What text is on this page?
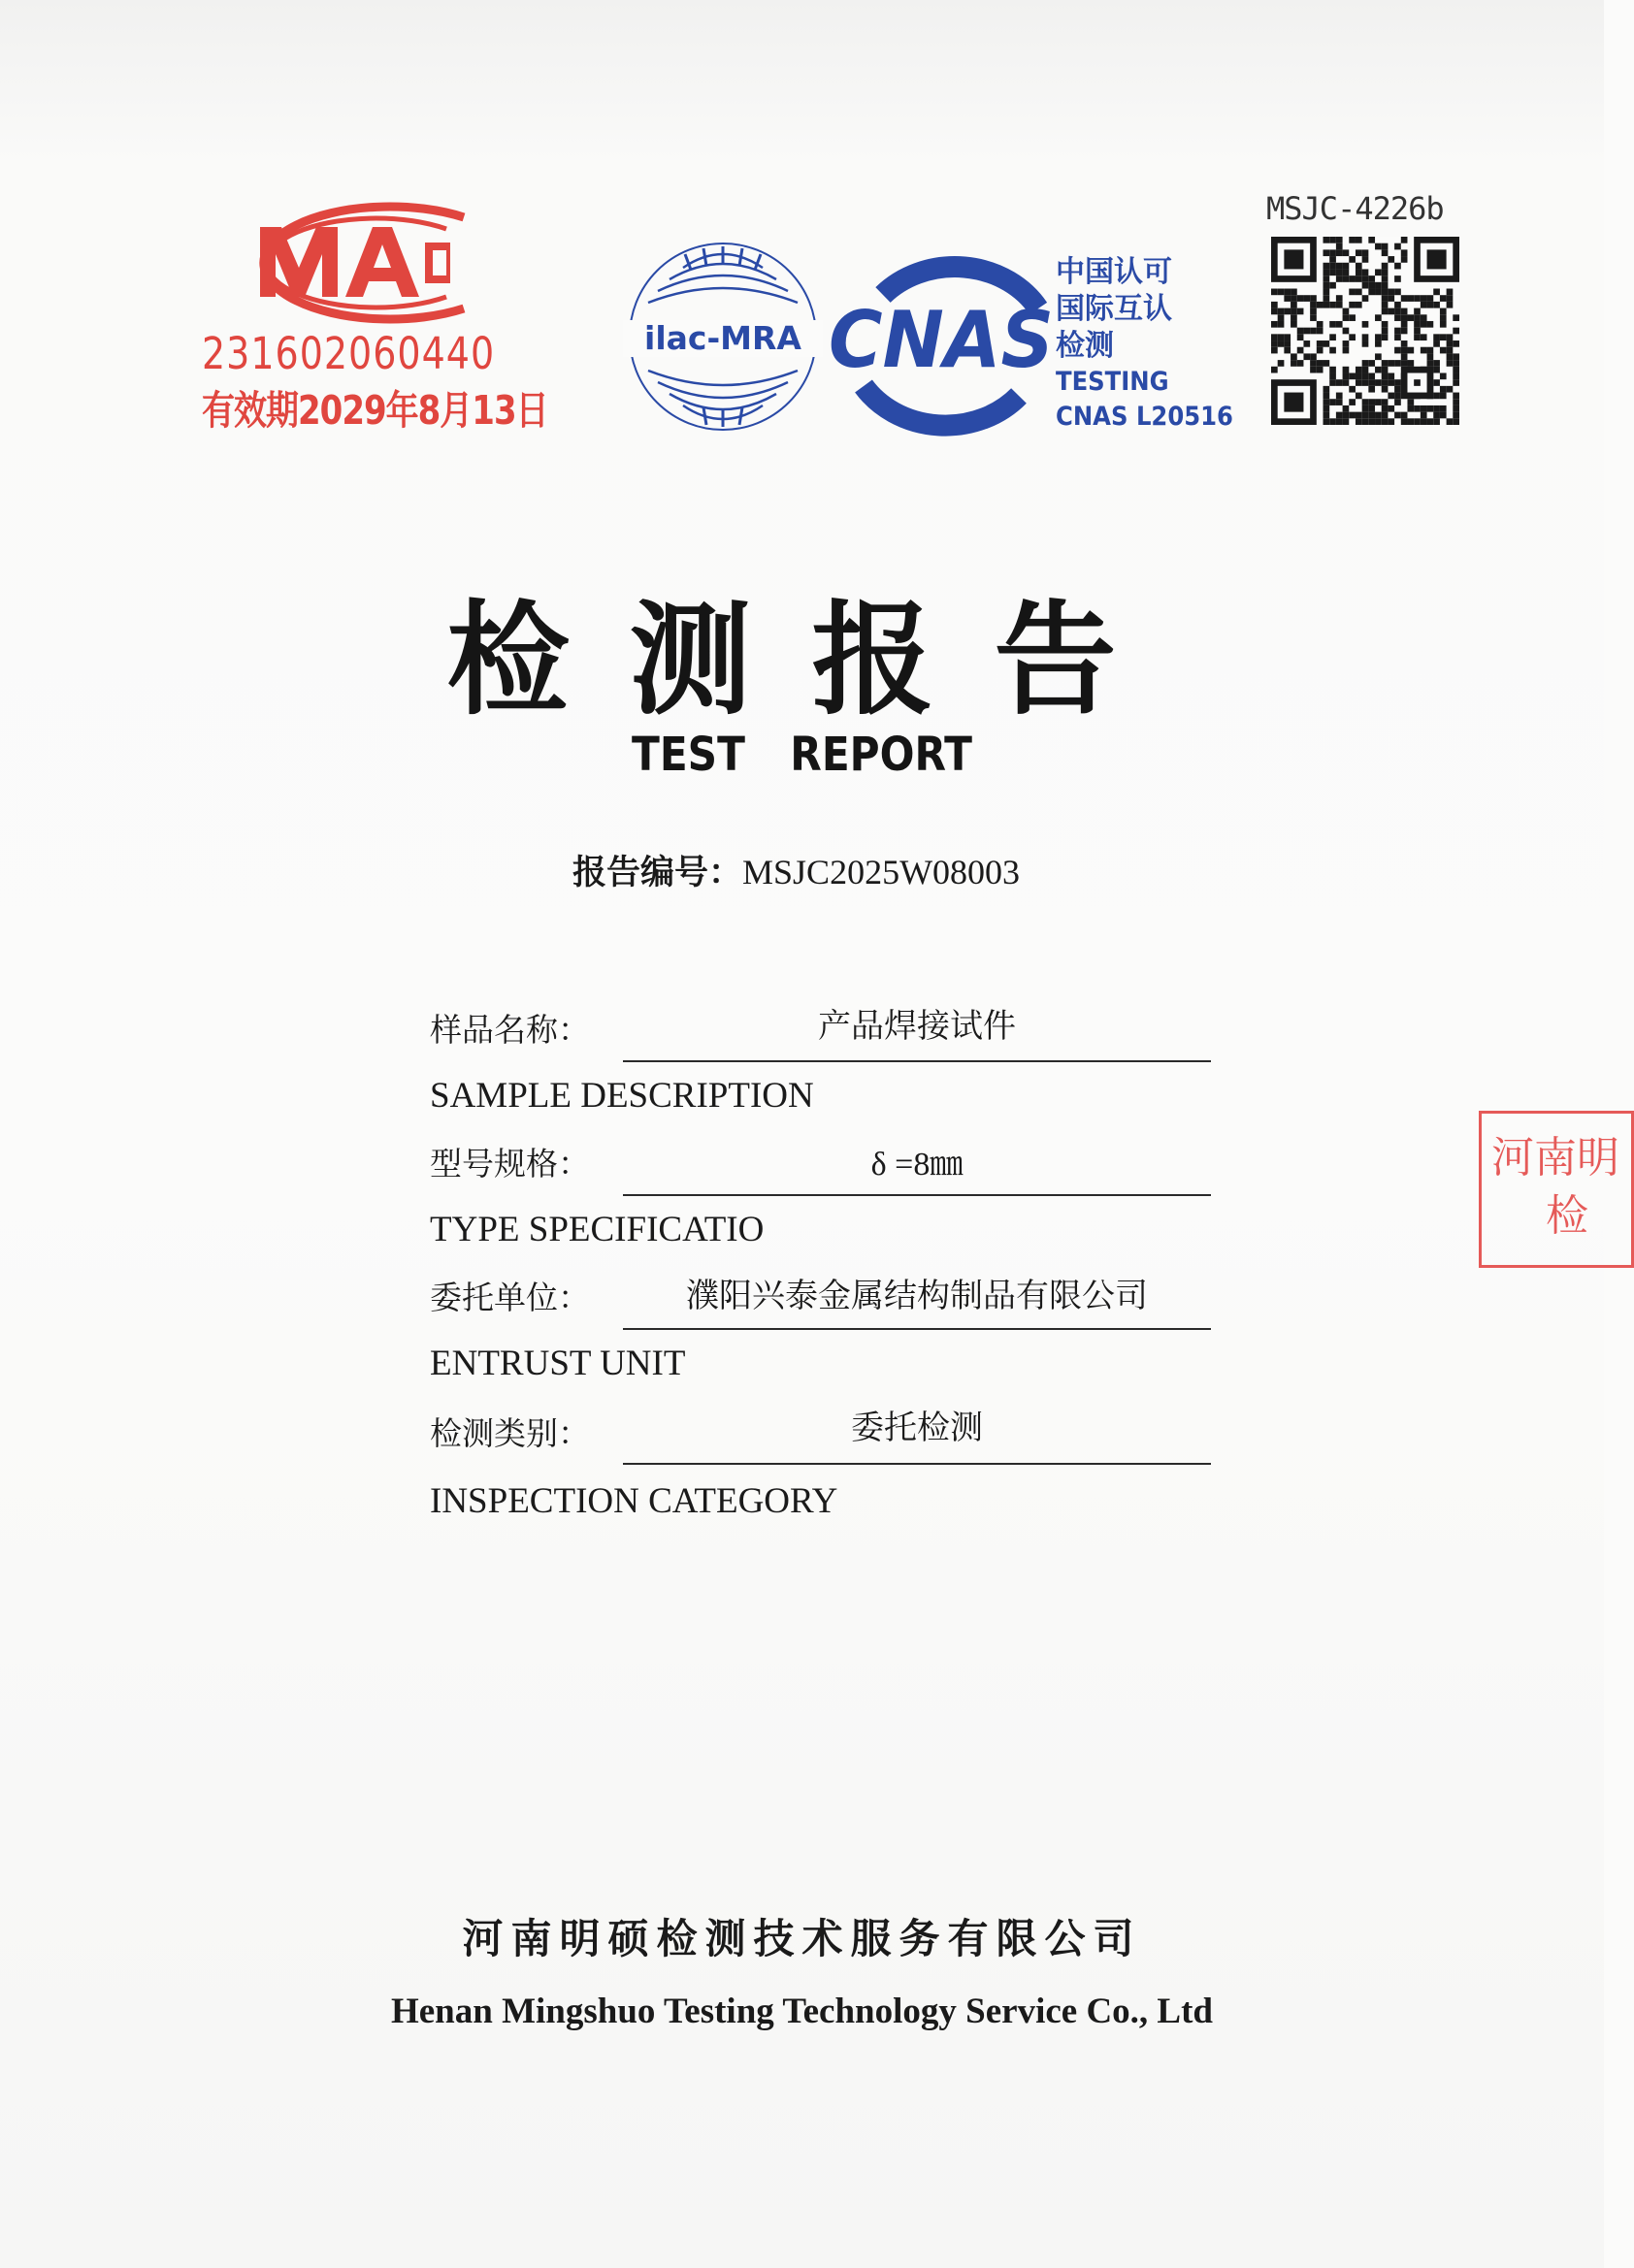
231602060440
有效期2029年8月13日
ilac-MRA CNAS
中国认可
国际互认
检测
TESTING
CNAS L20516
MSJC-4226b
检测报告
TEST REPORT
报告编号：MSJC2025W08003
样品名称：	产品焊接试件
SAMPLE DESCRIPTION
型号规格：	δ =8㎜
TYPE SPECIFICATIO
委托单位：	濮阳兴泰金属结构制品有限公司
ENTRUST UNIT
检测类别：	委托检测
INSPECTION CATEGORY
河南明
检
河南明硕检测技术服务有限公司
Henan Mingshuo Testing Technology Service Co., Ltd
